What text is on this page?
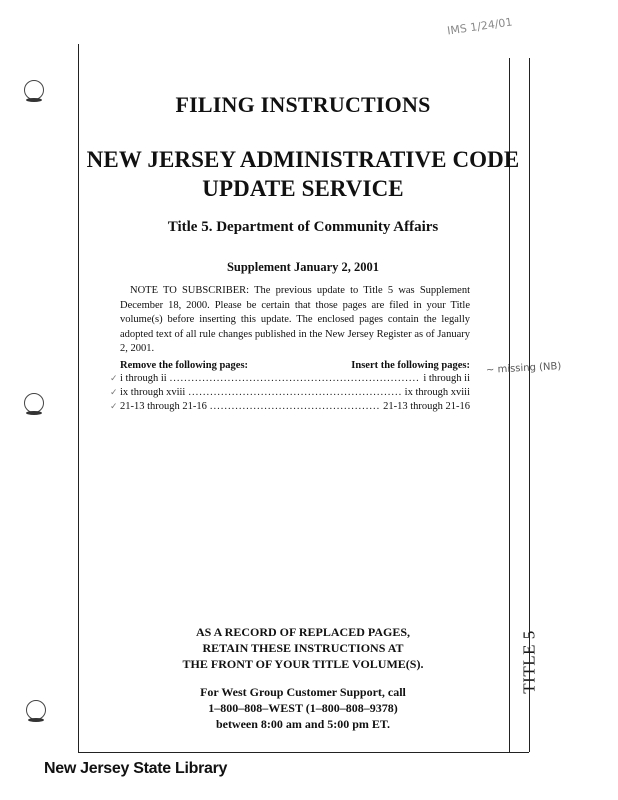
IMS 1/24/01
FILING INSTRUCTIONS
NEW JERSEY ADMINISTRATIVE CODE
UPDATE SERVICE
Title 5. Department of Community Affairs
Supplement January 2, 2001
NOTE TO SUBSCRIBER: The previous update to Title 5 was Supplement December 18, 2000. Please be certain that those pages are filed in your Title volume(s) before inserting this update. The enclosed pages contain the legally adopted text of all rule changes published in the New Jersey Register as of January 2, 2001.
Remove the following pages:	Insert the following pages:
✓ i through ii .....	i through ii
✓ ix through xviii .....	ix through xviii
✓ 21-13 through 21-16 .....	21-13 through 21-16
~ missing (NB)
AS A RECORD OF REPLACED PAGES,
RETAIN THESE INSTRUCTIONS AT
THE FRONT OF YOUR TITLE VOLUME(S).
For West Group Customer Support, call
1–800–808–WEST (1–800–808–9378)
between 8:00 am and 5:00 pm ET.
TITLE 5
New Jersey State Library
